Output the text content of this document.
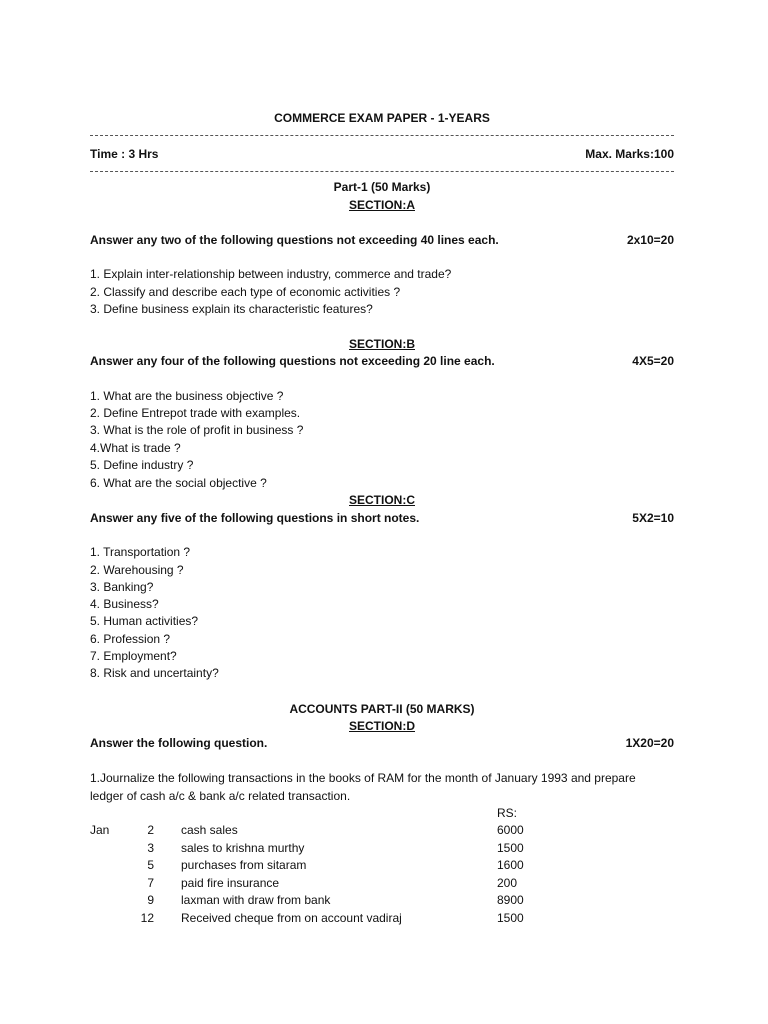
COMMERCE EXAM PAPER - 1-YEARS
Time : 3 Hrs	Max. Marks:100
Part-1 (50 Marks)
SECTION:A
Answer any two of the following questions not exceeding 40 lines each.	2x10=20
1. Explain inter-relationship between industry, commerce and trade?
2. Classify and describe each type of economic activities ?
3. Define business explain its characteristic features?
SECTION:B
Answer any four of the following questions not exceeding 20 line each.	4X5=20
1. What are the business objective ?
2. Define Entrepot trade with examples.
3. What is the role of profit in business ?
4.What is trade ?
5. Define industry ?
6. What are the social objective ?
SECTION:C
Answer any five of the following questions in short notes.	5X2=10
1. Transportation ?
2. Warehousing ?
3. Banking?
4. Business?
5. Human activities?
6. Profession ?
7. Employment?
8. Risk and uncertainty?
ACCOUNTS PART-II (50 MARKS)
SECTION:D
Answer the following question.	1X20=20
1.Journalize the following transactions in the books of RAM for the month of January 1993 and prepare
ledger of cash a/c & bank a/c related transaction.
RS:
Jan	2 cash sales	6000
3 sales to krishna murthy	1500
5 purchases from sitaram	1600
7 paid fire insurance	200
9 laxman with draw from bank	8900
12 Received cheque from on account vadiraj	1500
